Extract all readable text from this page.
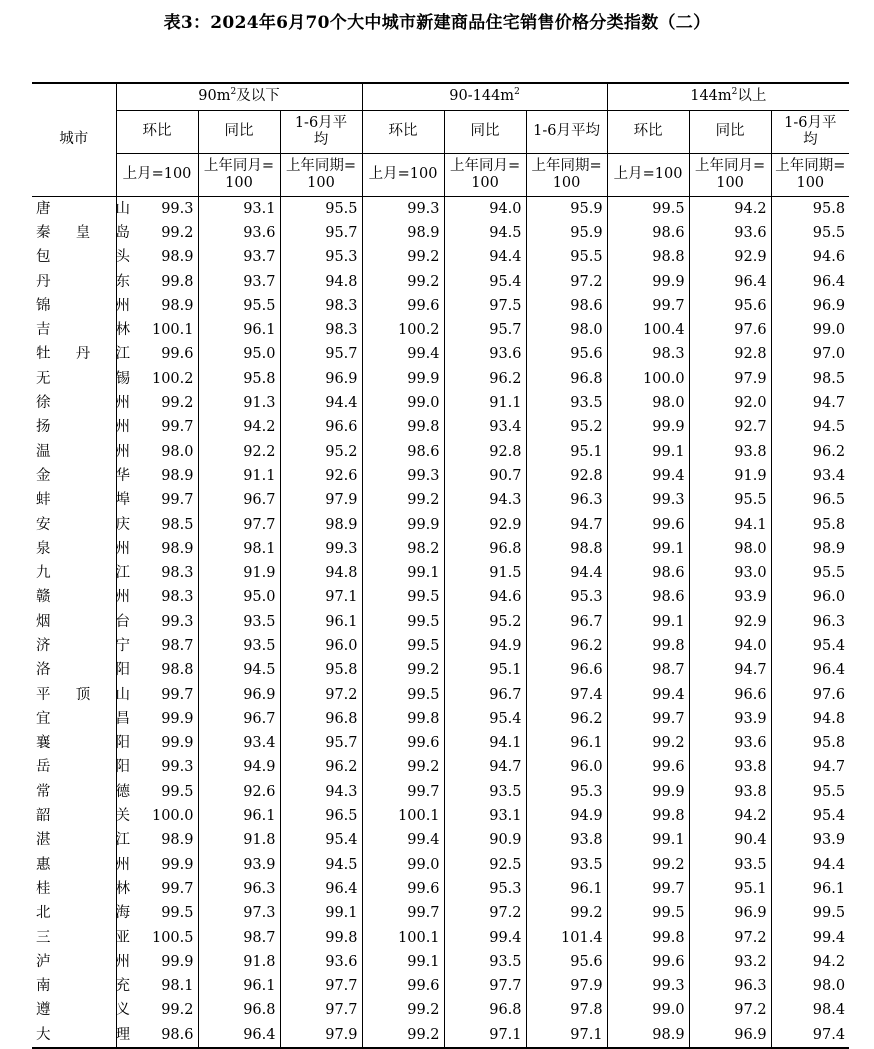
表3：2024年6月70个大中城市新建商品住宅销售价格分类指数（二）
城市	$90m^2$及以下			$90-144m^2$			$144m^2$以上		
	环比	同比	1-6月平均	环比	同比	1-6月平均	环比	同比	1-6月平均

	上月=100	上年同月=100	上年同期=100	上月=100	上年同月=100	上年同期=100	上月=100	上年同月=100	上年同期=100

唐山	99.3	93.1	95.5	99.3	94.0	95.9	99.5	94.2	95.8

秦皇岛	99.2	93.6	95.7	98.9	94.5	95.9	98.6	93.6	95.5

包头	98.9	93.7	95.3	99.2	94.4	95.5	98.8	92.9	94.6

丹东	99.8	93.7	94.8	99.2	95.4	97.2	99.9	96.4	96.4

锦州	98.9	95.5	98.3	99.6	97.5	98.6	99.7	95.6	96.9

吉林	100.1	96.1	98.3	100.2	95.7	98.0	100.4	97.6	99.0

牡丹江	99.6	95.0	95.7	99.4	93.6	95.6	98.3	92.8	97.0

无锡	100.2	95.8	96.9	99.9	96.2	96.8	100.0	97.9	98.5

徐州	99.2	91.3	94.4	99.0	91.1	93.5	98.0	92.0	94.7

扬州	99.7	94.2	96.6	99.8	93.4	95.2	99.9	92.7	94.5

温州	98.0	92.2	95.2	98.6	92.8	95.1	99.1	93.8	96.2

金华	98.9	91.1	92.6	99.3	90.7	92.8	99.4	91.9	93.4

蚌埠	99.7	96.7	97.9	99.2	94.3	96.3	99.3	95.5	96.5

安庆	98.5	97.7	98.9	99.9	92.9	94.7	99.6	94.1	95.8

泉州	98.9	98.1	99.3	98.2	96.8	98.8	99.1	98.0	98.9

九江	98.3	91.9	94.8	99.1	91.5	94.4	98.6	93.0	95.5

赣州	98.3	95.0	97.1	99.5	94.6	95.3	98.6	93.9	96.0

烟台	99.3	93.5	96.1	99.5	95.2	96.7	99.1	92.9	96.3

济宁	98.7	93.5	96.0	99.5	94.9	96.2	99.8	94.0	95.4

洛阳	98.8	94.5	95.8	99.2	95.1	96.6	98.7	94.7	96.4

平顶山	99.7	96.9	97.2	99.5	96.7	97.4	99.4	96.6	97.6

宜昌	99.9	96.7	96.8	99.8	95.4	96.2	99.7	93.9	94.8

襄阳	99.9	93.4	95.7	99.6	94.1	96.1	99.2	93.6	95.8

岳阳	99.3	94.9	96.2	99.2	94.7	96.0	99.6	93.8	94.7

常德	99.5	92.6	94.3	99.7	93.5	95.3	99.9	93.8	95.5

韶关	100.0	96.1	96.5	100.1	93.1	94.9	99.8	94.2	95.4

湛江	98.9	91.8	95.4	99.4	90.9	93.8	99.1	90.4	93.9

惠州	99.9	93.9	94.5	99.0	92.5	93.5	99.2	93.5	94.4

桂林	99.7	96.3	96.4	99.6	95.3	96.1	99.7	95.1	96.1

北海	99.5	97.3	99.1	99.7	97.2	99.2	99.5	96.9	99.5

三亚	100.5	98.7	99.8	100.1	99.4	101.4	99.8	97.2	99.4

泸州	99.9	91.8	93.6	99.1	93.5	95.6	99.6	93.2	94.2

南充	98.1	96.1	97.7	99.6	97.7	97.9	99.3	96.3	98.0

遵义	99.2	96.8	97.7	99.2	96.8	97.8	99.0	97.2	98.4

大理	98.6	96.4	97.9	99.2	97.1	97.1	98.9	96.9	97.4
